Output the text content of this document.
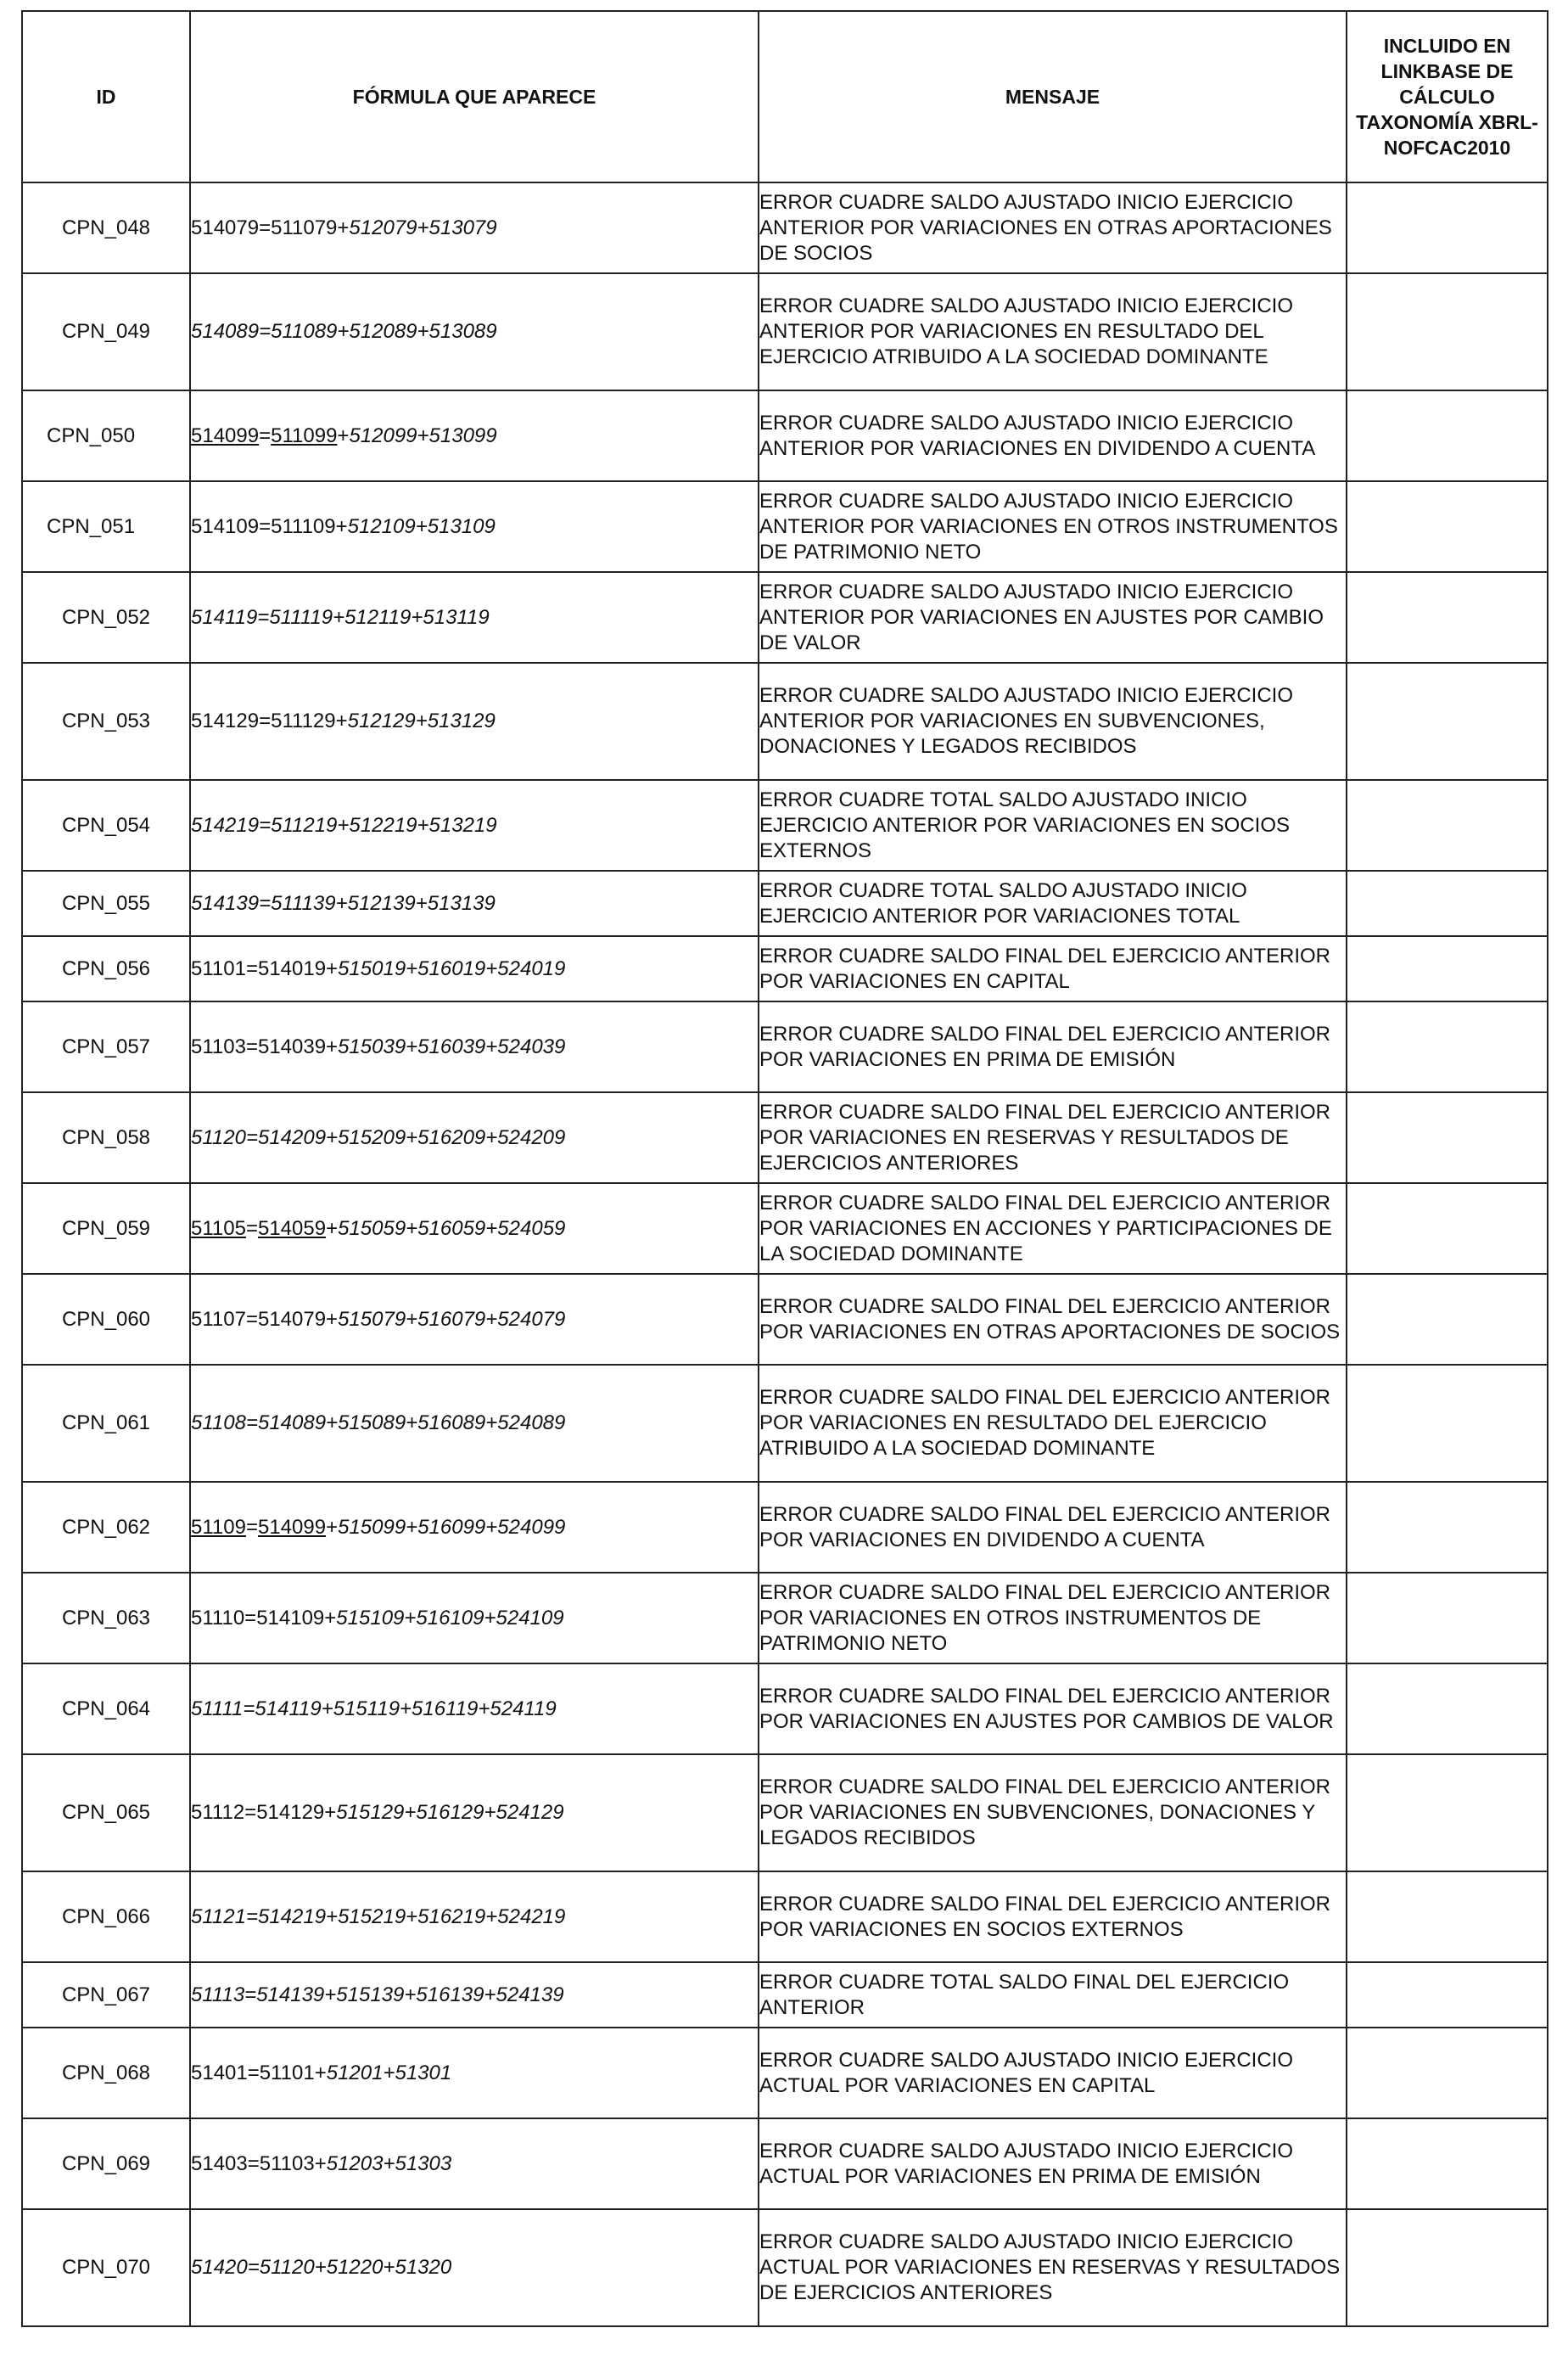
ID	FÓRMULA QUE APARECE	MENSAJE	INCLUIDO EN LINKBASE DE CÁLCULO TAXONOMÍA XBRL-NOFCAC2010
CPN_048	514079=511079+512079+513079	ERROR CUADRE SALDO AJUSTADO INICIO EJERCICIO ANTERIOR POR VARIACIONES EN OTRAS APORTACIONES DE SOCIOS	
CPN_049	514089=511089+512089+513089	ERROR CUADRE SALDO AJUSTADO INICIO EJERCICIO ANTERIOR POR VARIACIONES EN RESULTADO DEL EJERCICIO ATRIBUIDO A LA SOCIEDAD DOMINANTE	
CPN_050	514099=511099+512099+513099	ERROR CUADRE SALDO AJUSTADO INICIO EJERCICIO ANTERIOR POR VARIACIONES EN DIVIDENDO A CUENTA	
CPN_051	514109=511109+512109+513109	ERROR CUADRE SALDO AJUSTADO INICIO EJERCICIO ANTERIOR POR VARIACIONES EN OTROS INSTRUMENTOS DE PATRIMONIO NETO	
CPN_052	514119=511119+512119+513119	ERROR CUADRE SALDO AJUSTADO INICIO EJERCICIO ANTERIOR POR VARIACIONES EN AJUSTES POR CAMBIO DE VALOR	
CPN_053	514129=511129+512129+513129	ERROR CUADRE SALDO AJUSTADO INICIO EJERCICIO ANTERIOR POR VARIACIONES EN SUBVENCIONES, DONACIONES Y LEGADOS RECIBIDOS	
CPN_054	514219=511219+512219+513219	ERROR CUADRE TOTAL SALDO AJUSTADO INICIO EJERCICIO ANTERIOR POR VARIACIONES EN SOCIOS EXTERNOS	
CPN_055	514139=511139+512139+513139	ERROR CUADRE TOTAL SALDO AJUSTADO INICIO EJERCICIO ANTERIOR POR VARIACIONES TOTAL	
CPN_056	51101=514019+515019+516019+524019	ERROR CUADRE SALDO FINAL DEL EJERCICIO ANTERIOR POR VARIACIONES EN CAPITAL	
CPN_057	51103=514039+515039+516039+524039	ERROR CUADRE SALDO FINAL DEL EJERCICIO ANTERIOR POR VARIACIONES EN PRIMA DE EMISIÓN	
CPN_058	51120=514209+515209+516209+524209	ERROR CUADRE SALDO FINAL DEL EJERCICIO ANTERIOR POR VARIACIONES EN RESERVAS Y RESULTADOS DE EJERCICIOS ANTERIORES	
CPN_059	51105=514059+515059+516059+524059	ERROR CUADRE SALDO FINAL DEL EJERCICIO ANTERIOR POR VARIACIONES EN ACCIONES Y PARTICIPACIONES DE LA SOCIEDAD DOMINANTE	
CPN_060	51107=514079+515079+516079+524079	ERROR CUADRE SALDO FINAL DEL EJERCICIO ANTERIOR POR VARIACIONES EN OTRAS APORTACIONES DE SOCIOS	
CPN_061	51108=514089+515089+516089+524089	ERROR CUADRE SALDO FINAL DEL EJERCICIO ANTERIOR POR VARIACIONES EN RESULTADO DEL EJERCICIO ATRIBUIDO A LA SOCIEDAD DOMINANTE	
CPN_062	51109=514099+515099+516099+524099	ERROR CUADRE SALDO FINAL DEL EJERCICIO ANTERIOR POR VARIACIONES EN DIVIDENDO A CUENTA	
CPN_063	51110=514109+515109+516109+524109	ERROR CUADRE SALDO FINAL DEL EJERCICIO ANTERIOR POR VARIACIONES EN OTROS INSTRUMENTOS DE PATRIMONIO NETO	
CPN_064	51111=514119+515119+516119+524119	ERROR CUADRE SALDO FINAL DEL EJERCICIO ANTERIOR POR VARIACIONES EN AJUSTES POR CAMBIOS DE VALOR	
CPN_065	51112=514129+515129+516129+524129	ERROR CUADRE SALDO FINAL DEL EJERCICIO ANTERIOR POR VARIACIONES EN SUBVENCIONES, DONACIONES Y LEGADOS RECIBIDOS	
CPN_066	51121=514219+515219+516219+524219	ERROR CUADRE SALDO FINAL DEL EJERCICIO ANTERIOR POR VARIACIONES EN SOCIOS EXTERNOS	
CPN_067	51113=514139+515139+516139+524139	ERROR CUADRE TOTAL SALDO FINAL DEL EJERCICIO ANTERIOR	
CPN_068	51401=51101+51201+51301	ERROR CUADRE SALDO AJUSTADO INICIO EJERCICIO ACTUAL POR VARIACIONES EN CAPITAL	
CPN_069	51403=51103+51203+51303	ERROR CUADRE SALDO AJUSTADO INICIO EJERCICIO ACTUAL POR VARIACIONES EN PRIMA DE EMISIÓN	
CPN_070	51420=51120+51220+51320	ERROR CUADRE SALDO AJUSTADO INICIO EJERCICIO ACTUAL POR VARIACIONES EN RESERVAS Y RESULTADOS DE EJERCICIOS ANTERIORES	
